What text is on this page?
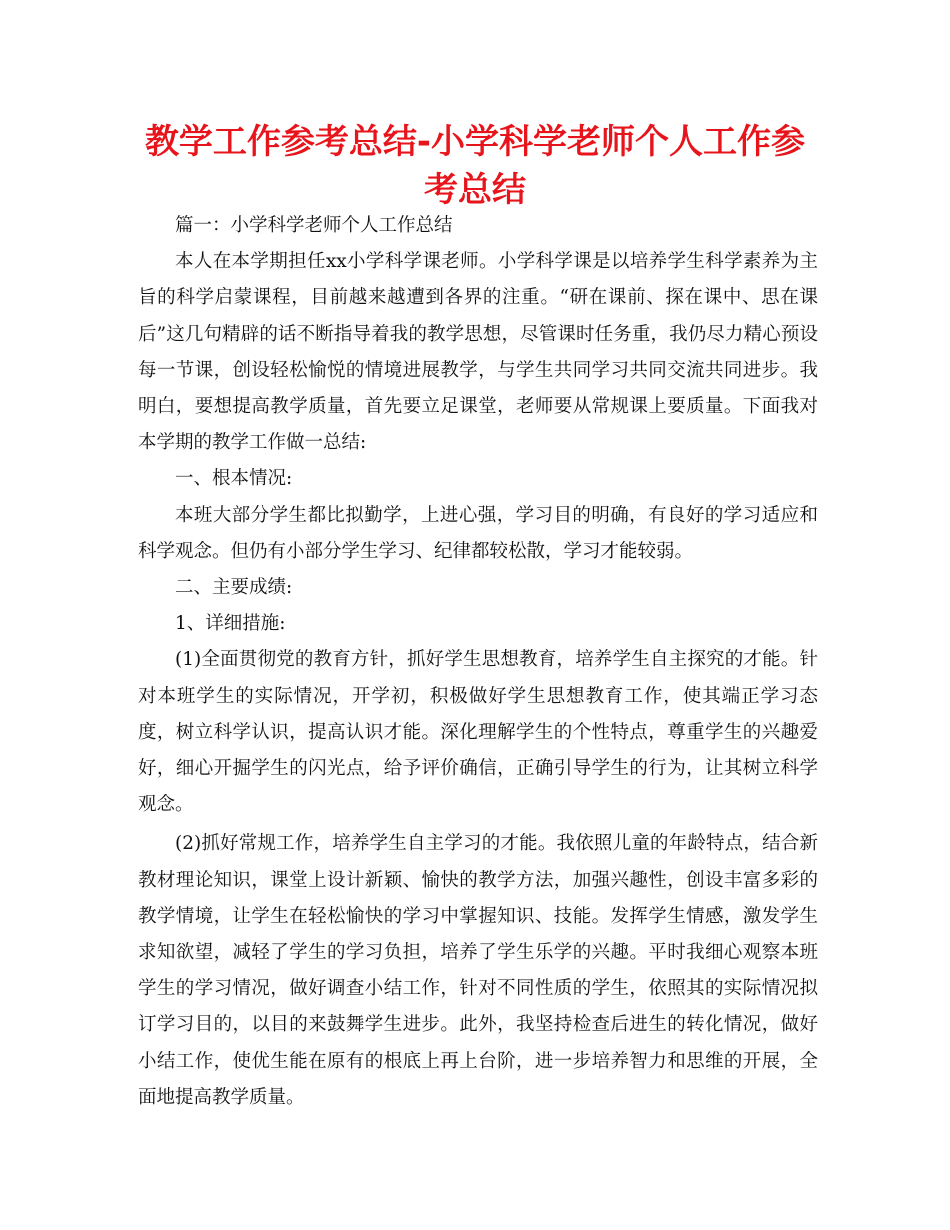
教学工作参考总结-小学科学老师个人工作参考总结

篇一：小学科学老师个人工作总结

本人在本学期担任xx小学科学课老师。小学科学课是以培养学生科学素养为主旨的科学启蒙课程，目前越来越遭到各界的注重。“研在课前、探在课中、思在课后”这几句精辟的话不断指导着我的教学思想，尽管课时任务重，我仍尽力精心预设每一节课，创设轻松愉悦的情境进展教学，与学生共同学习共同交流共同进步。我明白，要想提高教学质量，首先要立足课堂，老师要从常规课上要质量。下面我对本学期的教学工作做一总结:

一、根本情况:

本班大部分学生都比拟勤学，上进心强，学习目的明确，有良好的学习适应和科学观念。但仍有小部分学生学习、纪律都较松散，学习才能较弱。

二、主要成绩:

1、详细措施:

(1)全面贯彻党的教育方针，抓好学生思想教育，培养学生自主探究的才能。针对本班学生的实际情况，开学初，积极做好学生思想教育工作，使其端正学习态度，树立科学认识，提高认识才能。深化理解学生的个性特点，尊重学生的兴趣爱好，细心开掘学生的闪光点，给予评价确信，正确引导学生的行为，让其树立科学观念。

(2)抓好常规工作，培养学生自主学习的才能。我依照儿童的年龄特点，结合新教材理论知识，课堂上设计新颖、愉快的教学方法，加强兴趣性，创设丰富多彩的教学情境，让学生在轻松愉快的学习中掌握知识、技能。发挥学生情感，激发学生求知欲望，减轻了学生的学习负担，培养了学生乐学的兴趣。平时我细心观察本班学生的学习情况，做好调查小结工作，针对不同性质的学生，依照其的实际情况拟订学习目的，以目的来鼓舞学生进步。此外，我坚持检查后进生的转化情况，做好小结工作，使优生能在原有的根底上再上台阶，进一步培养智力和思维的开展，全面地提高教学质量。
